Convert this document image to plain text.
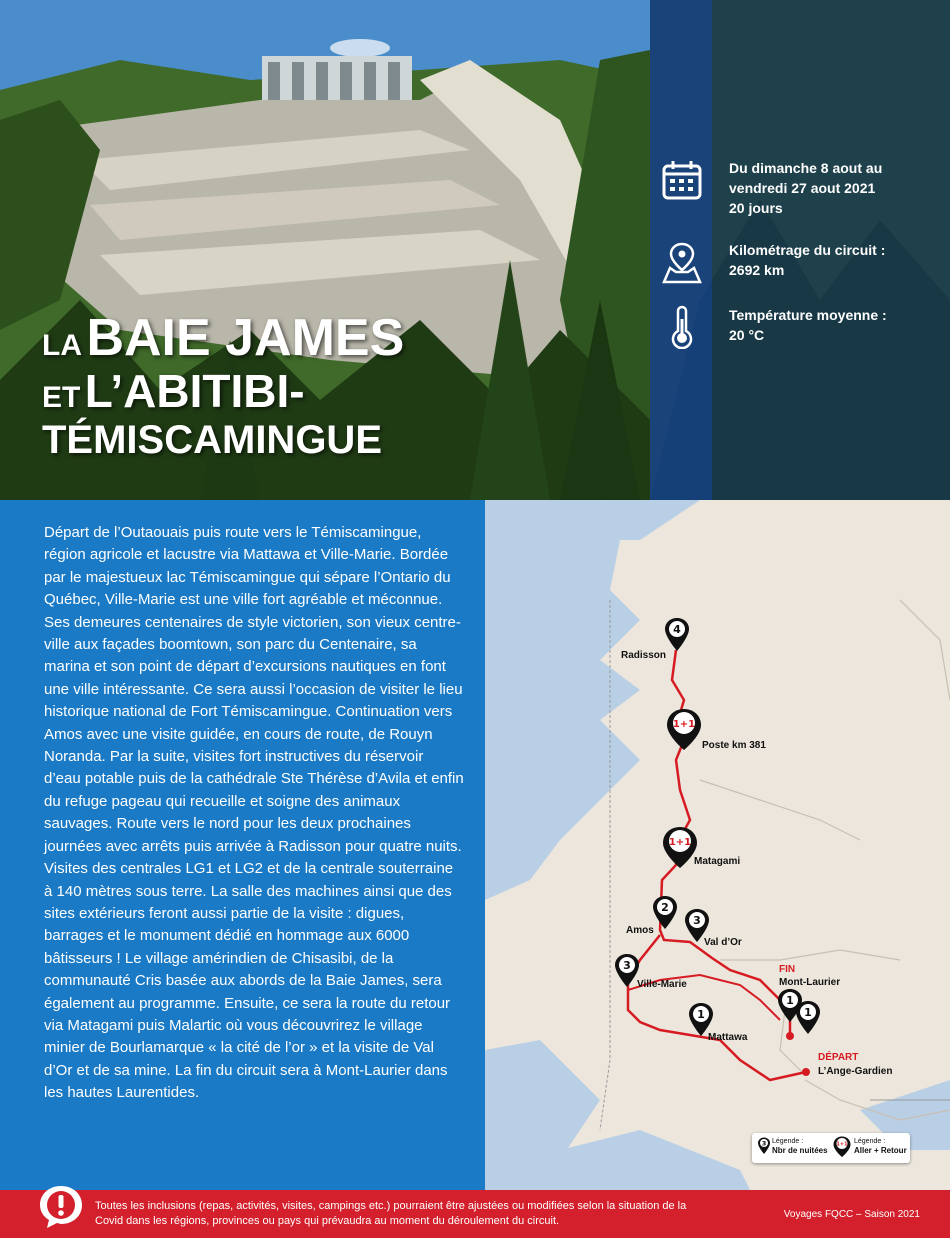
LA BAIE JAMES
ET L’ABITIBI-
TÉMISCAMINGUE
Du dimanche 8 aout au
vendredi 27 aout 2021
20 jours
Kilométrage du circuit :
2692 km
Température moyenne :
20 °C
Départ de l’Outaouais puis route vers le Témiscamingue, région agricole et lacustre via Mattawa et Ville-Marie. Bordée par le majestueux lac Témiscamingue qui sépare l’Ontario du Québec, Ville-Marie est une ville fort agréable et méconnue. Ses demeures centenaires de style victorien, son vieux centre-ville aux façades boomtown, son parc du Centenaire, sa marina et son point de départ d’excursions nautiques en font une ville intéressante. Ce sera aussi l’occasion de visiter le lieu historique national de Fort Témiscamingue. Continuation vers Amos avec une visite guidée, en cours de route, de Rouyn Noranda. Par la suite, visites fort instructives du réservoir d’eau potable puis de la cathédrale Ste Thérèse d’Avila et enfin du refuge pageau qui recueille et soigne des animaux sauvages. Route vers le nord pour les deux prochaines journées avec arrêts puis arrivée à Radisson pour quatre nuits. Visites des centrales LG1 et LG2 et de la centrale souterraine à 140 mètres sous terre. La salle des machines ainsi que des sites extérieurs feront aussi partie de la visite : digues, barrages et le monument dédié en hommage aux 6000 bâtisseurs ! Le village amérindien de Chisasibi, de la communauté Cris basée aux abords de la Baie James, sera également au programme. Ensuite, ce sera la route du retour via Matagami puis Malartic où vous découvrirez le village minier de Bourlamarque « la cité de l’or » et la visite de Val d’Or et de sa mine. La fin du circuit sera à Mont-Laurier dans les hautes Laurentides.
4
Radisson
1+1
Poste km 381
1+1
Matagami
2
Amos
3
Val d’Or
3
Ville-Marie
1
Mattawa
1
FIN
Mont-Laurier
1
DÉPART
L’Ange-Gardien
3 Légende :
Nbr de nuitées
1+1 Légende :
Aller + Retour
Toutes les inclusions (repas, activités, visites, campings etc.) pourraient être ajustées ou modifiées selon la situation de la Covid dans les régions, provinces ou pays qui prévaudra au moment du déroulement du circuit.
Voyages FQCC – Saison 2021
